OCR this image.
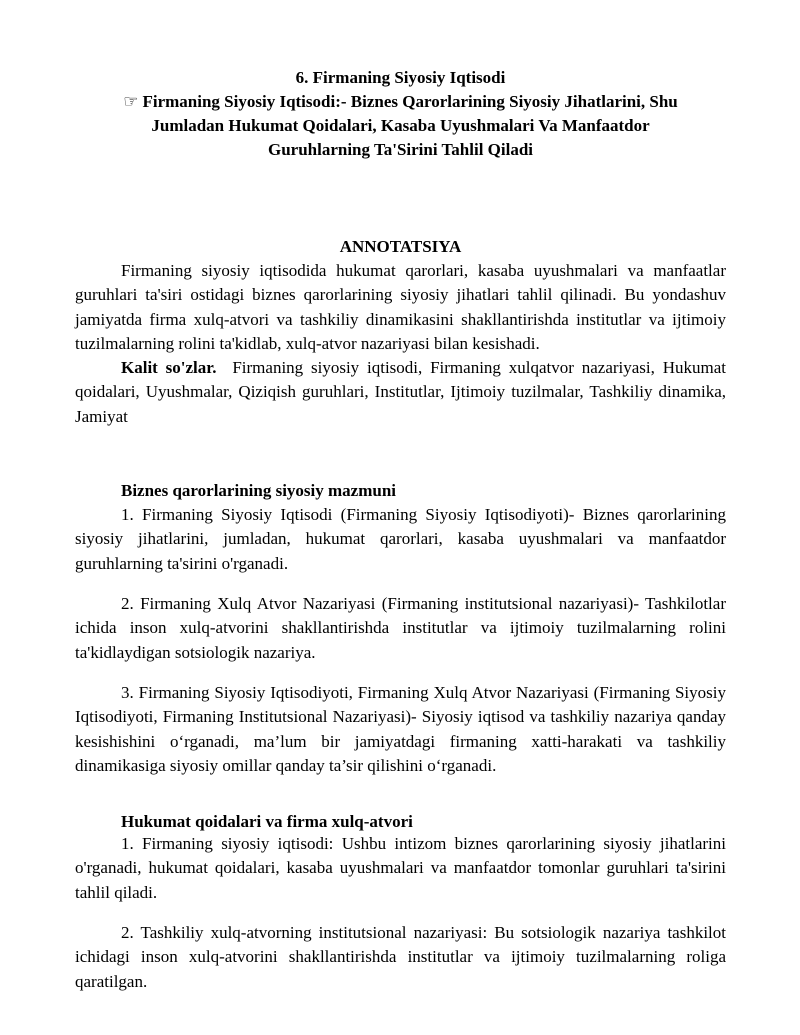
6. Firmaning Siyosiy Iqtisodi
☞ Firmaning Siyosiy Iqtisodi:- Biznes Qarorlarining Siyosiy Jihatlarini, Shu Jumladan Hukumat Qoidalari, Kasaba Uyushmalari Va Manfaatdor Guruhlarning Ta'Sirini Tahlil Qiladi
ANNOTATSIYA

Firmaning siyosiy iqtisodida hukumat qarorlari, kasaba uyushmalari va manfaatlar guruhlari ta'siri ostidagi biznes qarorlarining siyosiy jihatlari tahlil qilinadi. Bu yondashuv jamiyatda firma xulq-atvori va tashkiliy dinamikasini shakllantirishda institutlar va ijtimoiy tuzilmalarning rolini ta'kidlab, xulq-atvor nazariyasi bilan kesishadi.

Kalit so'zlar. Firmaning siyosiy iqtisodi, Firmaning xulqatvor nazariyasi, Hukumat qoidalari, Uyushmalar, Qiziqish guruhlari, Institutlar, Ijtimoiy tuzilmalar, Tashkiliy dinamika, Jamiyat

Biznes qarorlarining siyosiy mazmuni

1. Firmaning Siyosiy Iqtisodi (Firmaning Siyosiy Iqtisodiyoti)- Biznes qarorlarining siyosiy jihatlarini, jumladan, hukumat qarorlari, kasaba uyushmalari va manfaatdor guruhlarning ta'sirini o'rganadi.

2. Firmaning Xulq Atvor Nazariyasi (Firmaning institutsional nazariyasi)- Tashkilotlar ichida inson xulq-atvorini shakllantirishda institutlar va ijtimoiy tuzilmalarning rolini ta'kidlaydigan sotsiologik nazariya.

3. Firmaning Siyosiy Iqtisodiyoti, Firmaning Xulq Atvor Nazariyasi (Firmaning Siyosiy Iqtisodiyoti, Firmaning Institutsional Nazariyasi)- Siyosiy iqtisod va tashkiliy nazariya qanday kesishishini o‘rganadi, ma’lum bir jamiyatdagi firmaning xatti-harakati va tashkiliy dinamikasiga siyosiy omillar qanday ta’sir qilishini o‘rganadi.

Hukumat qoidalari va firma xulq-atvori

1. Firmaning siyosiy iqtisodi: Ushbu intizom biznes qarorlarining siyosiy jihatlarini o'rganadi, hukumat qoidalari, kasaba uyushmalari va manfaatdor tomonlar guruhlari ta'sirini tahlil qiladi.

2. Tashkiliy xulq-atvorning institutsional nazariyasi: Bu sotsiologik nazariya tashkilot ichidagi inson xulq-atvorini shakllantirishda institutlar va ijtimoiy tuzilmalarning roliga qaratilgan.
